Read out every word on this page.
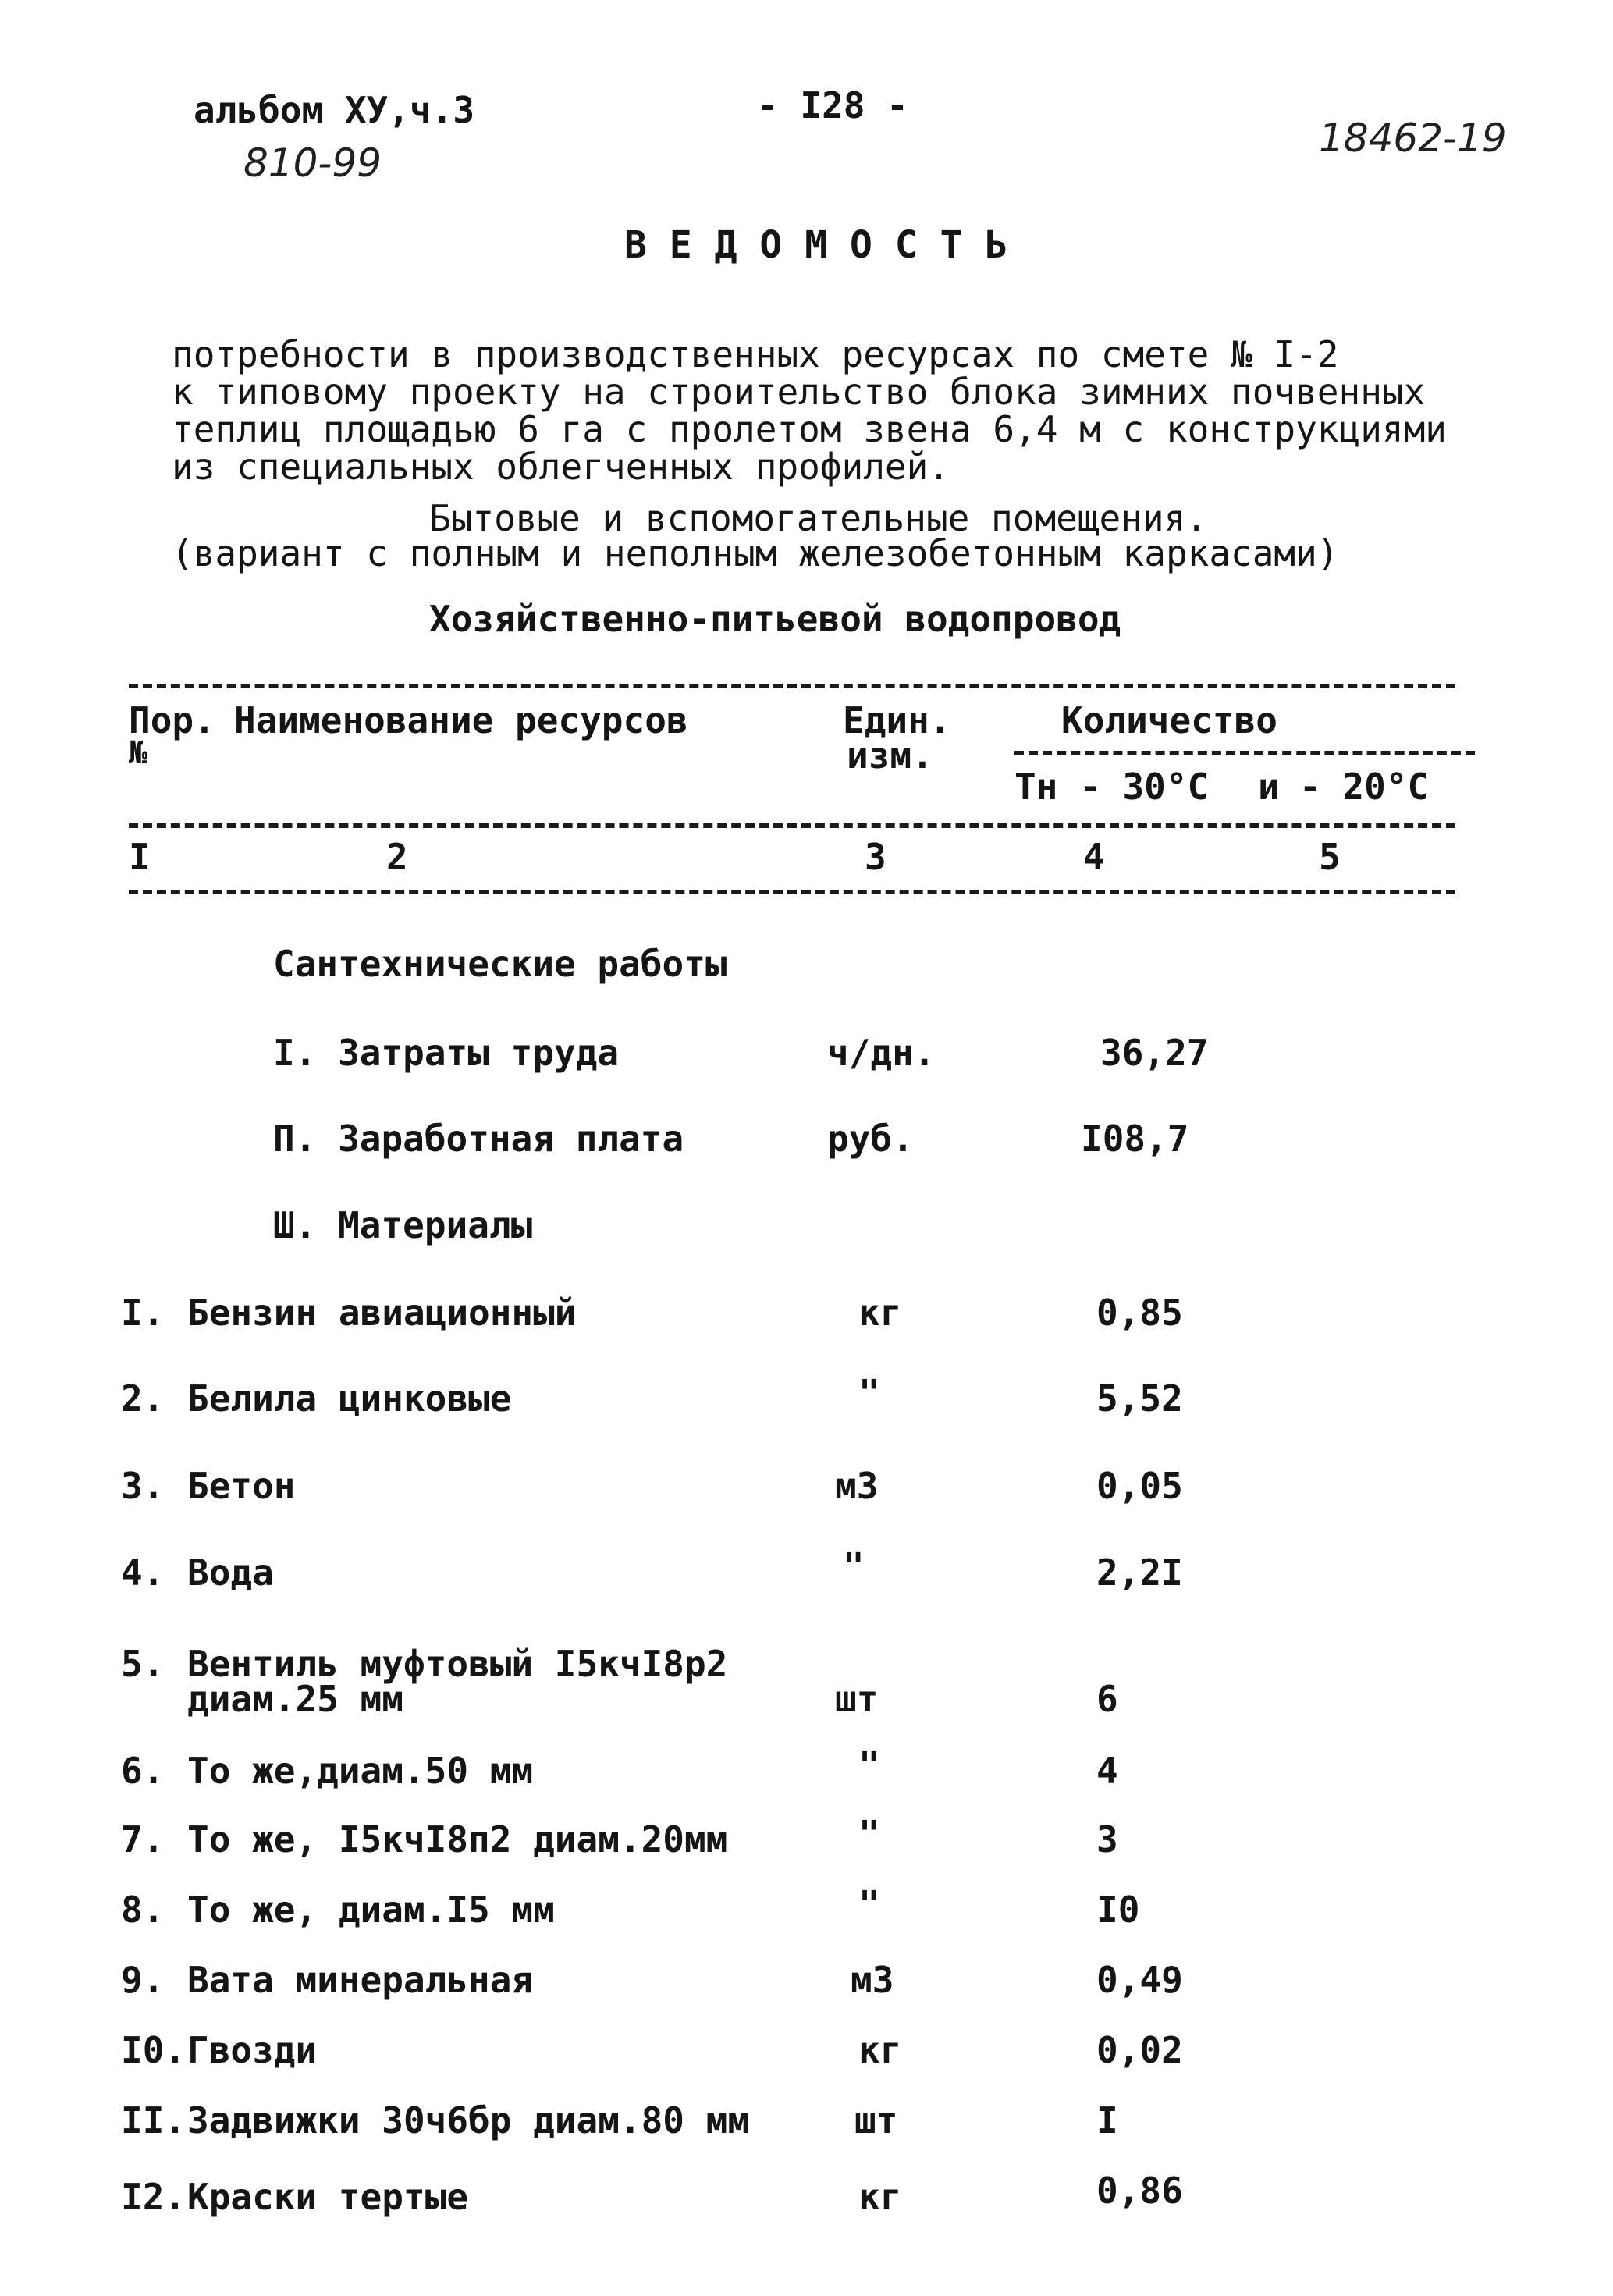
альбом ХУ,ч.3
810-99
- I28 -
18462-19
В Е Д О М О С Т Ь
потребности в производственных ресурсах по смете № I-2
к типовому проекту на строительство блока зимних почвенных
теплиц площадью 6 га с пролетом звена 6,4 м с конструкциями
из специальных облегченных профилей.
Бытовые и вспомогательные помещения.
(вариант с полным и неполным железобетонным каркасами)
Хозяйственно-питьевой водопровод
Пор.
№
Наименование ресурсов	Един.
изм.
Количество
Тн - 30°С и - 20°С
I	2	3	4	5
Сантехнические работы
I. Затраты труда	ч/дн.	36,27
П. Заработная плата	руб.	I08,7
Ш. Материалы
I. Бензин авиационный	кг	0,85
2. Белила цинковые	"	5,52
3. Бетон	м3	0,05
4. Вода	"	2,2I
5. Вентиль муфтовый I5кчI8р2
диам.25 мм	шт	6
6. То же,диам.50 мм	"	4
7. То же, I5кчI8п2 диам.20мм	"	3
8. То же, диам.I5 мм	"	I0
9. Вата минеральная	м3	0,49
I0. Гвозди	кг	0,02
II. Задвижки 30ч6бр диам.80 мм	шт	I
I2. Краски тертые	кг	0,86
